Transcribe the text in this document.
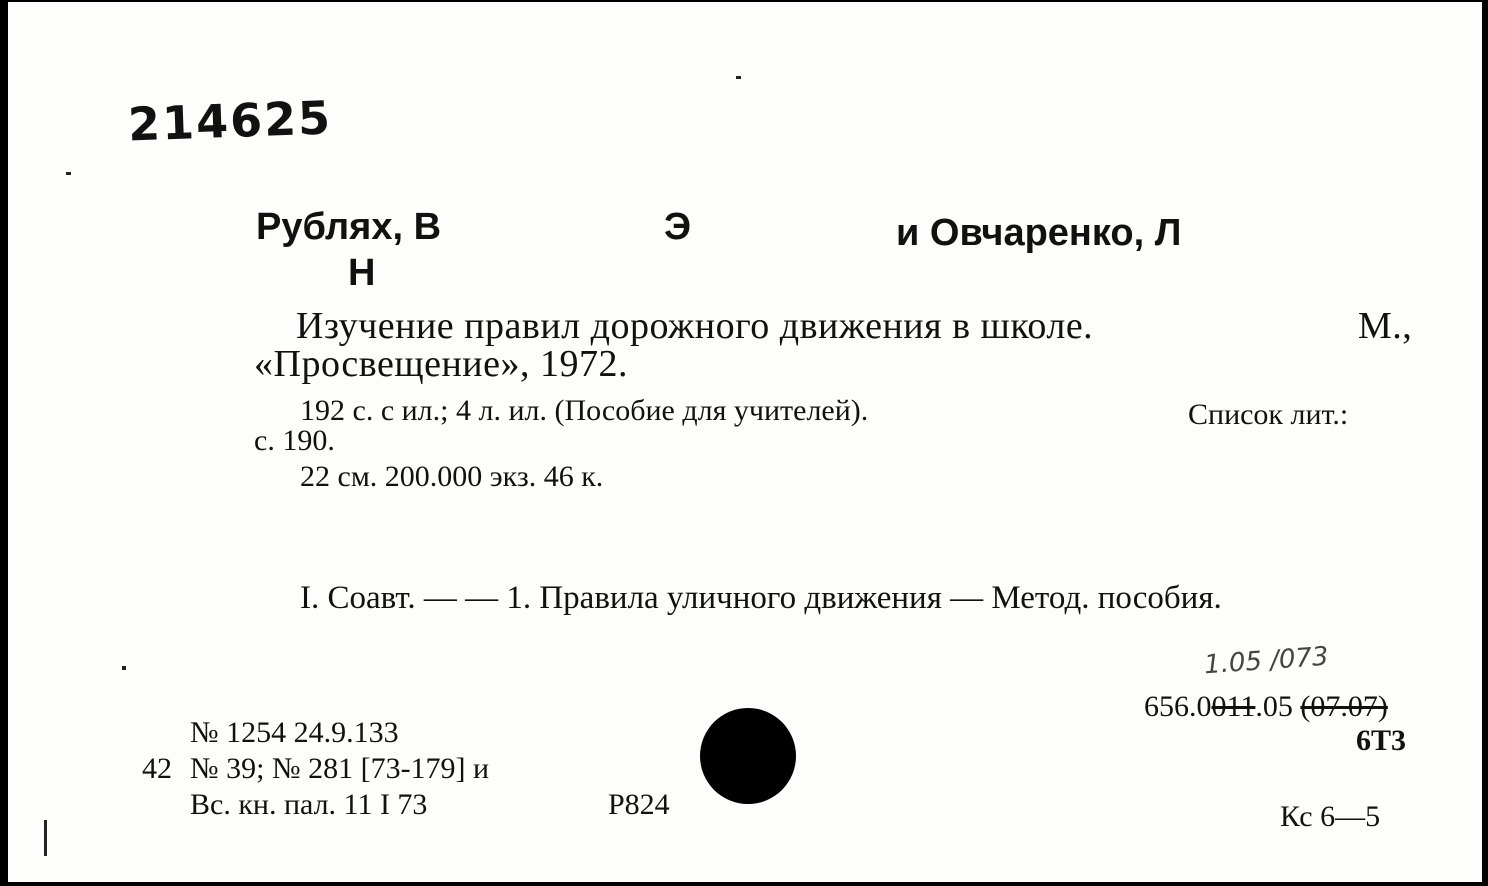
214625
Рублях, В	Э	и Овчаренко, Л
Н
Изучение правил дорожного движения в школе.	М.,
«Просвещение», 1972.
192 с. с ил.; 4 л. ил. (Пособие для учителей).	Список лит.:
с. 190.
22 см. 200.000 экз. 46 к.
I. Соавт. — — 1. Правила уличного движения — Метод. пособия.
1.05 /073
656.0011.05 (07.07)
6Т3
№ 1254 24.9.133
42 № 39; № 281 [73-179] и
Вс. кн. пал. 11 I 73	Р824	Кс 6—5
